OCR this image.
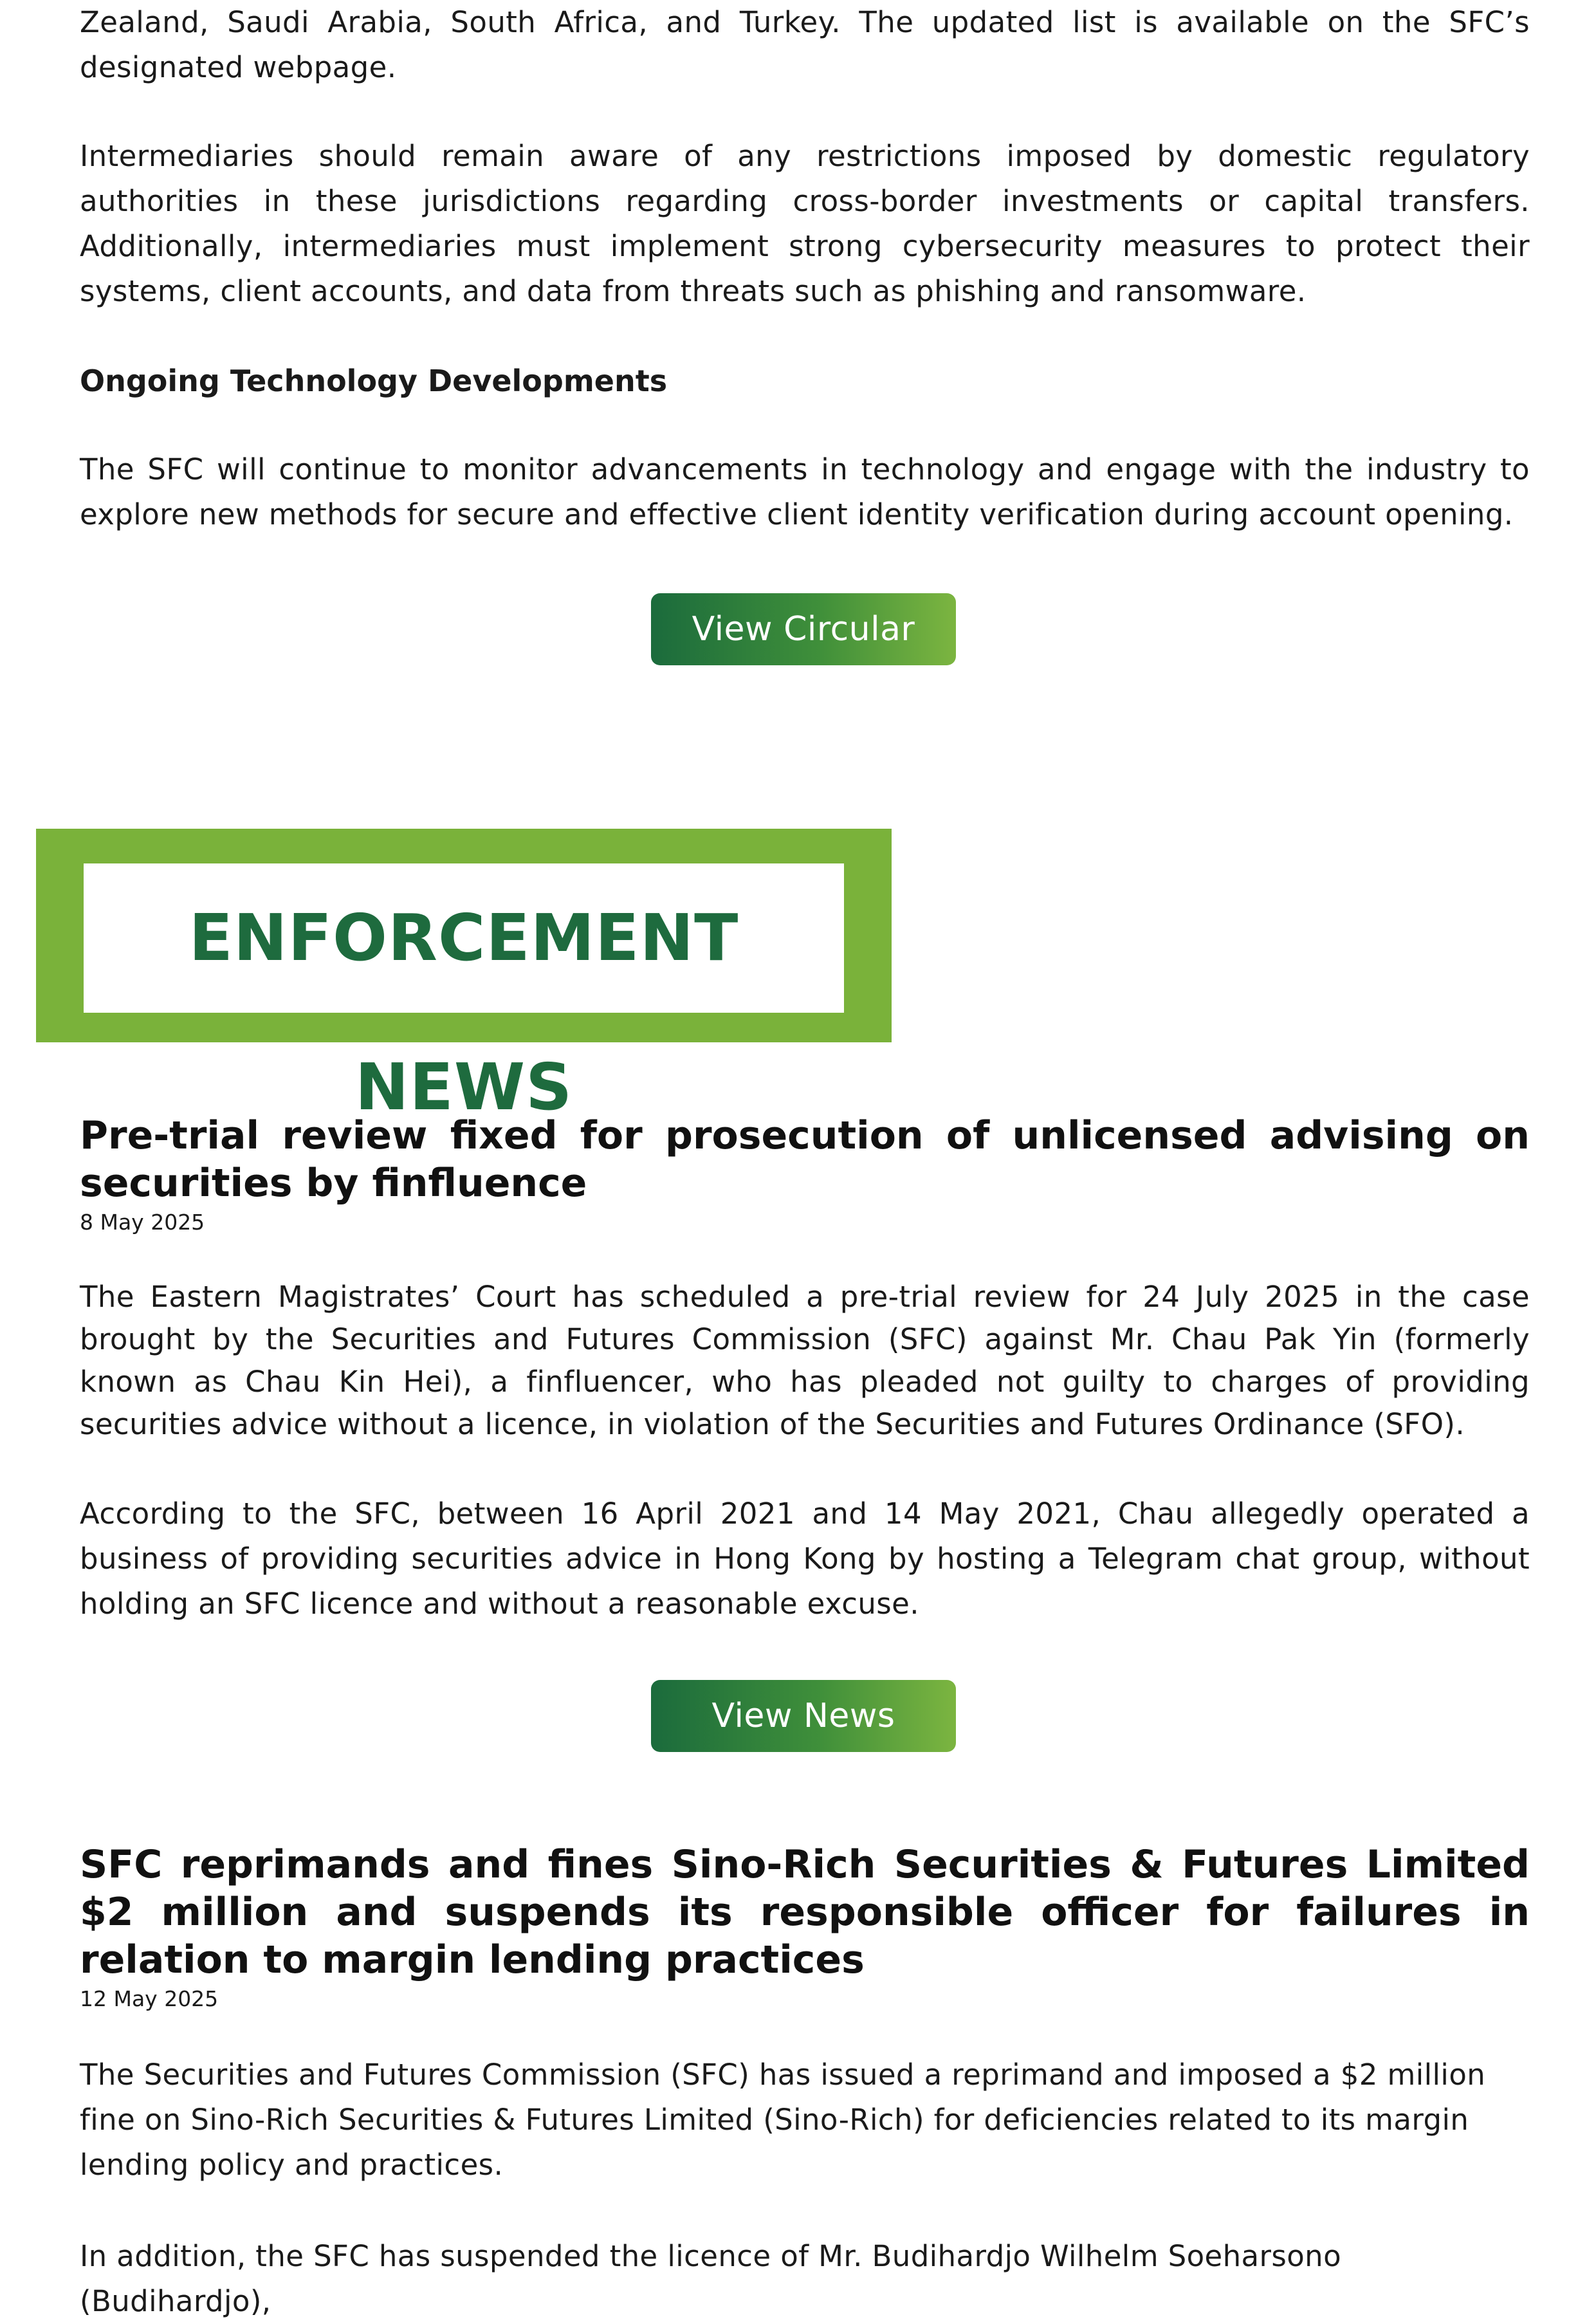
Zealand, Saudi Arabia, South Africa, and Turkey. The updated list is available on the SFC’s designated webpage.

Intermediaries should remain aware of any restrictions imposed by domestic regulatory authorities in these jurisdictions regarding cross-border investments or capital transfers. Additionally, intermediaries must implement strong cybersecurity measures to protect their systems, client accounts, and data from threats such as phishing and ransomware.

Ongoing Technology Developments

The SFC will continue to monitor advancements in technology and engage with the industry to explore new methods for secure and effective client identity verification during account opening.

View Circular
ENFORCEMENT NEWS
Pre-trial review fixed for prosecution of unlicensed advising on securities by finfluence

8 May 2025

The Eastern Magistrates’ Court has scheduled a pre-trial review for 24 July 2025 in the case brought by the Securities and Futures Commission (SFC) against Mr. Chau Pak Yin (formerly known as Chau Kin Hei), a finfluencer, who has pleaded not guilty to charges of providing securities advice without a licence, in violation of the Securities and Futures Ordinance (SFO).

According to the SFC, between 16 April 2021 and 14 May 2021, Chau allegedly operated a business of providing securities advice in Hong Kong by hosting a Telegram chat group, without holding an SFC licence and without a reasonable excuse.

View News
SFC reprimands and fines Sino-Rich Securities & Futures Limited $2 million and suspends its responsible officer for failures in relation to margin lending practices

12 May 2025

The Securities and Futures Commission (SFC) has issued a reprimand and imposed a $2 million fine on Sino-Rich Securities & Futures Limited (Sino-Rich) for deficiencies related to its margin lending policy and practices.

In addition, the SFC has suspended the licence of Mr. Budihardjo Wilhelm Soeharsono (Budihardjo),
